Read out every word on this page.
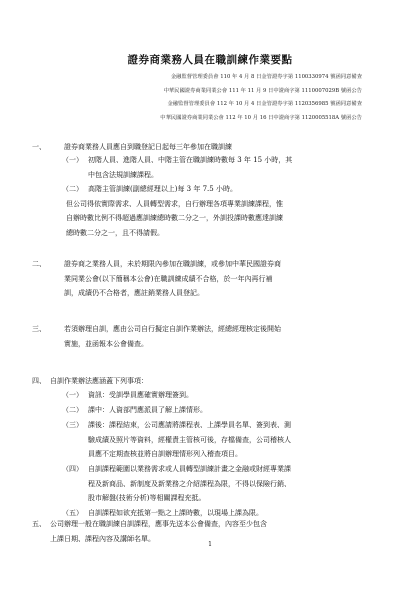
證券商業務人員在職訓練作業要點
金融監督管理委員會 110 年 4 月 8 日金管證券字第 1100330974 號函同意備查
中華民國證券商業同業公會 111 年 11 月 9 日中證商字第 1110007029B 號函公告
金融監督管理委員會 112 年 10 月 4 日金管證券字第 1120356985 號函同意備查
中華民國證券商業同業公會 112 年 10 月 16 日中證商字第 1120005518A 號函公告
一、	證券商業務人員應自到職登記日起每三年參加在職訓練
（一） 初階人員、進階人員、中階主管在職訓練時數每 3 年 15 小時，其
中包含法規訓練課程。
（二） 高階主管訓練(副總經理以上)每 3 年 7.5 小時。
但公司得依實際需求、人員轉型需求，自行辦理各項專業訓練課程，惟
自辦時數比例不得超過應訓練總時數二分之一，外訓投課時數應達訓練
總時數二分之一，且不得請假。
二、	證券商之業務人員，未於期限內參加在職訓練，或參加中華民國證券商
業同業公會(以下簡稱本公會)在職訓練成績不合格，於一年內再行補
訓，成績仍不合格者，應註銷業務人員登記。
三、	若須辦理自訓，應由公司自行擬定自訓作業辦法，經總經理核定後開始
實施，並函報本公會備查。
四、 自訓作業辦法應涵蓋下列事項：
（一） 資訊：受訓學員應確實辦理簽到。
（二） 課中：人資部門應派員了解上課情形。
（三） 課後：課程結束，公司應請將課程表、上課學員名單、簽到表、測
驗成績及照片等資料，經權責主管核可後，存檔備查，公司稽核人
員應不定期查核並將自訓辦理情形列入稽查項目。
（四） 自訓課程範圍以業務需求或人員轉型訓練計畫之金融或財經專業課
程及新商品、新制度及新業務之介紹課程為限，不得以保險行銷、
股市解盤(技術分析)等相關課程充抵。
（五） 自訓課程如欲充抵第一點之上課時數，以現場上課為限。
五、 公司辦理一般在職訓練自訓課程，應事先送本公會備查，內容至少包含
上課日期、課程內容及講師名單。
1
